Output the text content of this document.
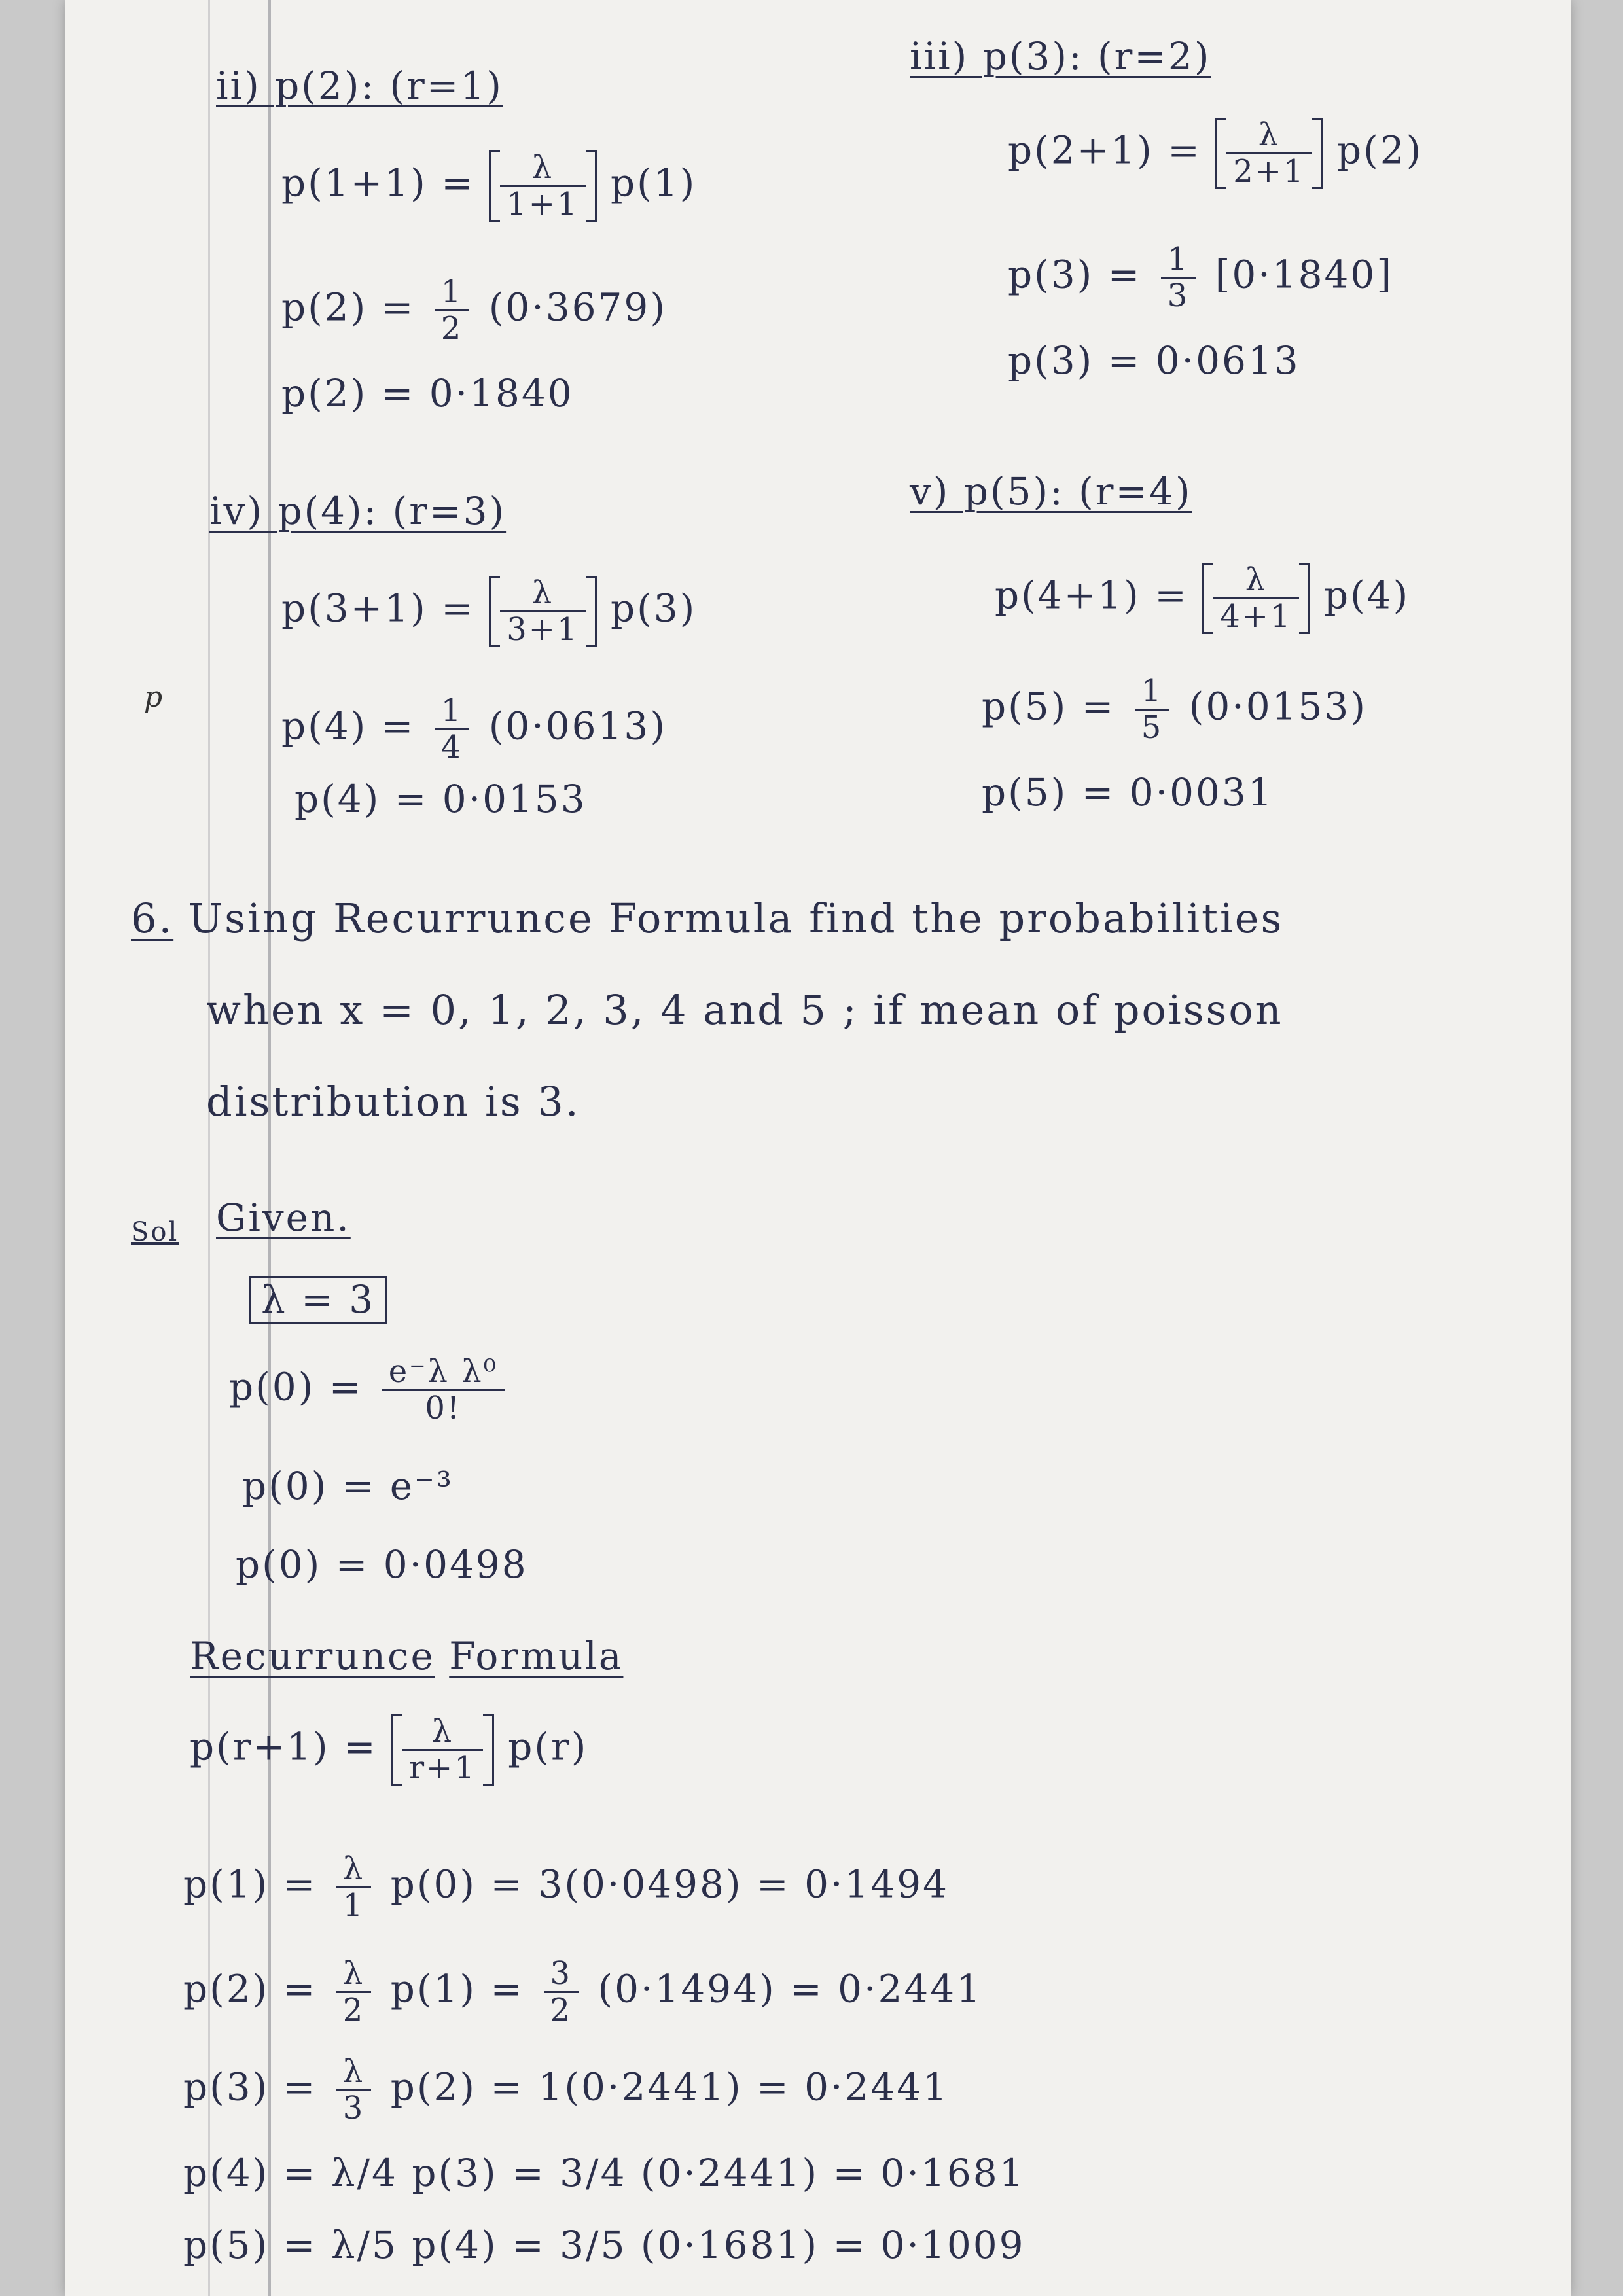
p
ii) p(2): (r=1)
$p(1+1) = \frac{\lambda}{1+1} p(1)$
$p(2) = \frac{1}{2} (0\cdot 3679)$
p(2) = 0·1840
iii) p(3): (r=2)
$p(2+1) = \frac{\lambda}{2+1} p(2)$
$p(3) = \frac{1}{3} [0\cdot 1840]$
p(3) = 0·0613
iv) p(4): (r=3)
$p(3+1) = \frac{\lambda}{3+1} p(3)$
$p(4) = \frac{1}{4} (0\cdot 0613)$
p(4) = 0·0153
v) p(5): (r=4)
$p(4+1) = \frac{\lambda}{4+1} p(4)$
$p(5) = \frac{1}{5} (0\cdot 0153)$
p(5) = 0·0031
6. Using Recurrunce Formula find the probabilities
when x = 0, 1, 2, 3, 4 and 5 ; if mean of poisson
distribution is 3.
Sol Given.
λ = 3
$p(0) = \frac{\text{e⁻λ λ⁰}}{0!}$
p(0) = e⁻³
p(0) = 0·0498
Recurrunce Formula
$p(r+1) = \frac{\lambda}{r+1} p(r)$
$p(1) = \frac{\lambda}{1} p(0) = 3(0\cdot 0498) = 0\cdot 1494$
$p(2) = \frac{\lambda}{2} p(1) = \frac{3}{2} (0\cdot 1494) = 0\cdot 2441$
$p(3) = \frac{\lambda}{3} p(2) = 1(0\cdot 2441) = 0\cdot 2441$
p(4) = λ/4 p(3) = 3/4 (0·2441) = 0·1681
p(5) = λ/5 p(4) = 3/5 (0·1681) = 0·1009
